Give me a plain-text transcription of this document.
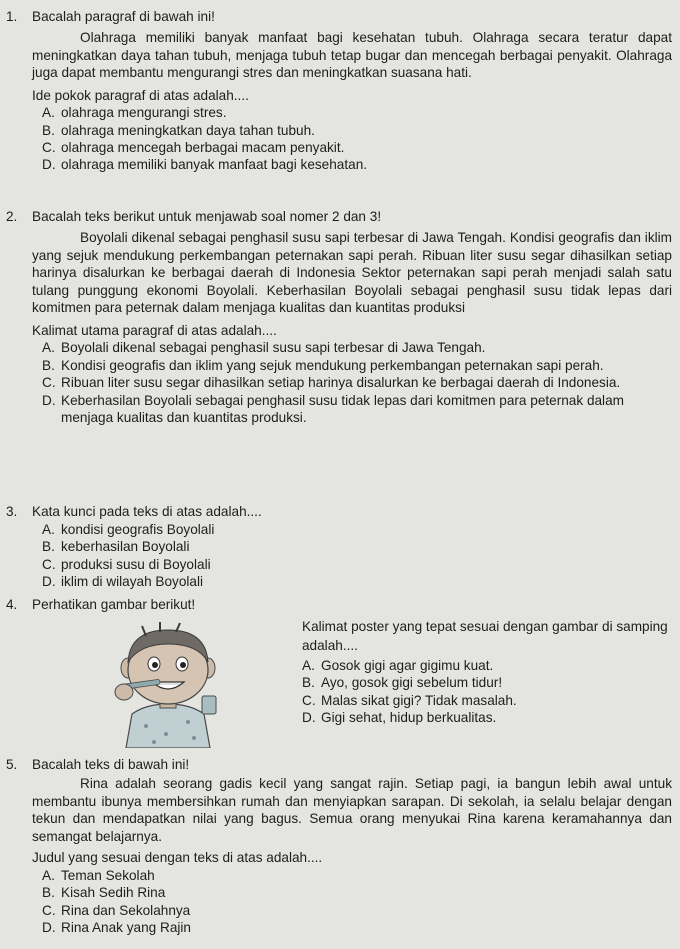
1.	Bacalah paragraf di bawah ini!
Olahraga memiliki banyak manfaat bagi kesehatan tubuh. Olahraga secara teratur dapat meningkatkan daya tahan tubuh, menjaga tubuh tetap bugar dan mencegah berbagai penyakit. Olahraga juga dapat membantu mengurangi stres dan meningkatkan suasana hati.
Ide pokok paragraf di atas adalah....
A. olahraga mengurangi stres.
B. olahraga meningkatkan daya tahan tubuh.
C. olahraga mencegah berbagai macam penyakit.
D. olahraga memiliki banyak manfaat bagi kesehatan.
2.	Bacalah teks berikut untuk menjawab soal nomer 2 dan 3!
Boyolali dikenal sebagai penghasil susu sapi terbesar di Jawa Tengah. Kondisi geografis dan iklim yang sejuk mendukung perkembangan peternakan sapi perah. Ribuan liter susu segar dihasilkan setiap harinya disalurkan ke berbagai daerah di Indonesia Sektor peternakan sapi perah menjadi salah satu tulang punggung ekonomi Boyolali. Keberhasilan Boyolali sebagai penghasil susu tidak lepas dari komitmen para peternak dalam menjaga kualitas dan kuantitas produksi
Kalimat utama paragraf di atas adalah....
A. Boyolali dikenal sebagai penghasil susu sapi terbesar di Jawa Tengah.
B. Kondisi geografis dan iklim yang sejuk mendukung perkembangan peternakan sapi perah.
C. Ribuan liter susu segar dihasilkan setiap harinya disalurkan ke berbagai daerah di Indonesia.
D. Keberhasilan Boyolali sebagai penghasil susu tidak lepas dari komitmen para peternak dalam menjaga kualitas dan kuantitas produksi.
3.	Kata kunci pada teks di atas adalah....
A. kondisi geografis Boyolali
B. keberhasilan Boyolali
C. produksi susu di Boyolali
D. iklim di wilayah Boyolali
4.	Perhatikan gambar berikut!
Kalimat poster yang tepat sesuai dengan gambar di samping adalah....
A. Gosok gigi agar gigimu kuat.
B. Ayo, gosok gigi sebelum tidur!
C. Malas sikat gigi? Tidak masalah.
D. Gigi sehat, hidup berkualitas.
5.	Bacalah teks di bawah ini!
Rina adalah seorang gadis kecil yang sangat rajin. Setiap pagi, ia bangun lebih awal untuk membantu ibunya membersihkan rumah dan menyiapkan sarapan. Di sekolah, ia selalu belajar dengan tekun dan mendapatkan nilai yang bagus. Semua orang menyukai Rina karena keramahannya dan semangat belajarnya.
Judul yang sesuai dengan teks di atas adalah....
A. Teman Sekolah
B. Kisah Sedih Rina
C. Rina dan Sekolahnya
D. Rina Anak yang Rajin
